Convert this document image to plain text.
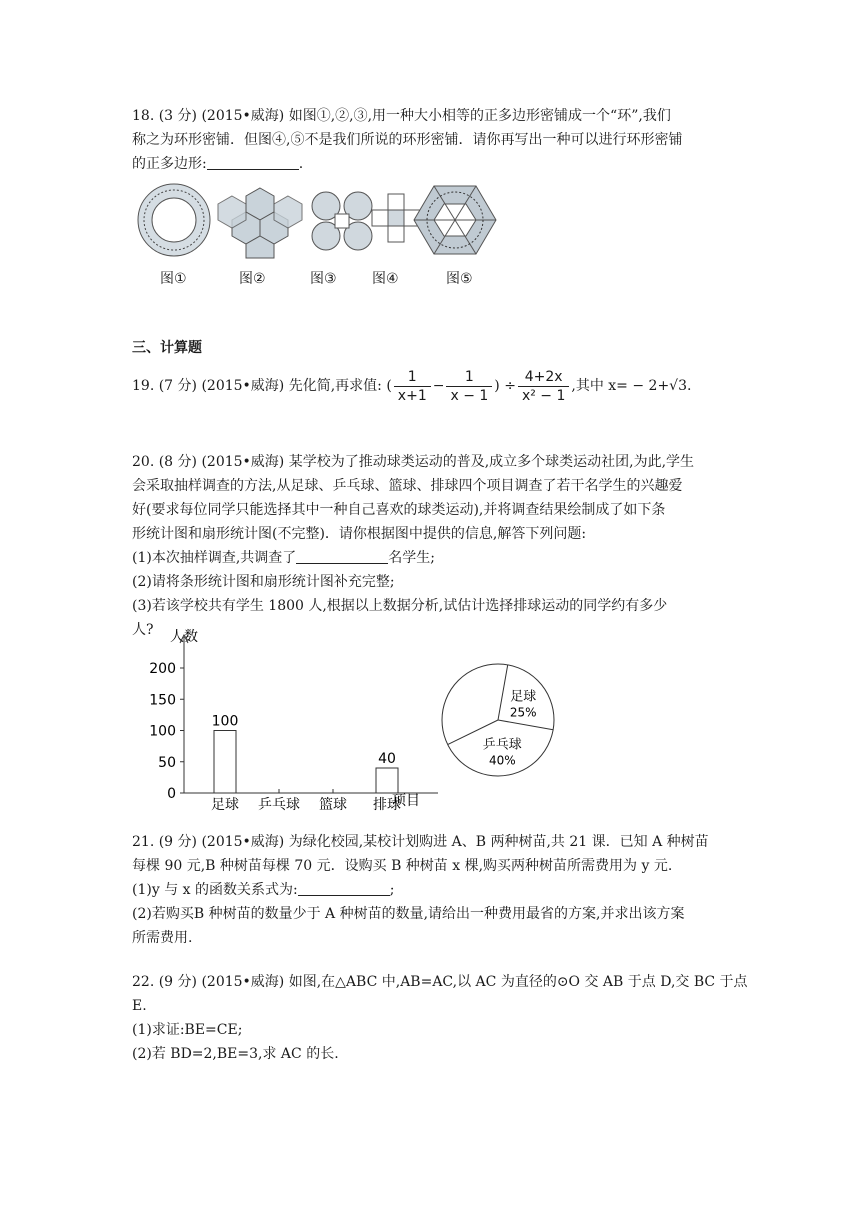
18. (3 分) (2015•威海) 如图①,②,③,用一种大小相等的正多边形密铺成一个“环”,我们
称之为环形密铺．但图④,⑤不是我们所说的环形密铺．请你再写出一种可以进行环形密铺
的正多边形:	.
图①	图②	图③	图④	图⑤
三、计算题
19. (7 分) (2015•威海) 先化简,再求值: ( $\frac{1}{x+1} - \frac{1}{x - 1}$ ) ÷ $\frac{4+2x}{\text{x² − 1}}$ ,其中 x= − 2+√3.
20. (8 分) (2015•威海) 某学校为了推动球类运动的普及,成立多个球类运动社团,为此,学生
会采取抽样调查的方法,从足球、乒乓球、篮球、排球四个项目调查了若干名学生的兴趣爱
好(要求每位同学只能选择其中一种自己喜欢的球类运动),并将调查结果绘制成了如下条
形统计图和扇形统计图(不完整)．请你根据图中提供的信息,解答下列问题:
(1)本次抽样调查,共调查了	名学生;
(2)请将条形统计图和扇形统计图补充完整;
(3)若该学校共有学生 1800 人,根据以上数据分析,试估计选择排球运动的同学约有多少
人? 人数
0
50
100
150
200
100
足球 乒乓球 篮球
40
排球
项目
足球
25%
乒乓球
40%
21. (9 分) (2015•威海) 为绿化校园,某校计划购进 A、B 两种树苗,共 21 课．已知 A 种树苗
每棵 90 元,B 种树苗每棵 70 元．设购买 B 种树苗 x 棵,购买两种树苗所需费用为 y 元.
(1)y 与 x 的函数关系式为:	;
(2)若购买B 种树苗的数量少于 A 种树苗的数量,请给出一种费用最省的方案,并求出该方案
所需费用.
22. (9 分) (2015•威海) 如图,在△ABC 中,AB=AC,以 AC 为直径的⊙O 交 AB 于点 D,交 BC 于点
E.
(1)求证:BE=CE;
(2)若 BD=2,BE=3,求 AC 的长.
